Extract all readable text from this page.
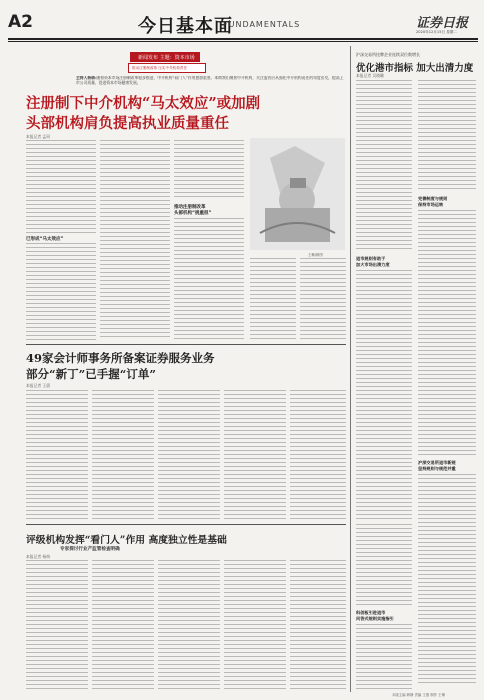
A2	今日基本面
FUNDAMENTALS	证券日报
2020年12月15日 星期二
新闻发布 主题：资本市场
推动注册制改革 压实中介机构责任
主持人杨萌:随着资本市场注册制改革稳步推进，中介机构“看门人”作用愈加重要。本期我们聚焦中介机构，关注监管层从强化中介机构责任的角度出发，提高上市公司质量，促进资本市场健康发展。
注册制下中介机构“马太效应”或加剧
头部机构肩负提高执业质量重任
本报记者 孟珂
已形成“马太效应”
推动注册制改革
头部机构“挑重担”
王琳/制图
49家会计师事务所备案证券服务业务
部分“新丁”已手握“订单”
本报记者 王僖
评级机构发挥“看门人”作用 高度独立性是基础
专家探讨行业产监管检查明确
本报记者 杨萌
沪深交易所挂牌企业连续双位数增长
优化港市指标 加大出清力度
本报记者 吴晓璐
退市规则有助于
加大市场出清力度
科创板引进退市
问答式规则实施指引
完善制度与规则
保持市场运转
沪深交易所退市新规
坚持规则与规范并重
本版主编 韩静 责编 王僖 制作 王琳
